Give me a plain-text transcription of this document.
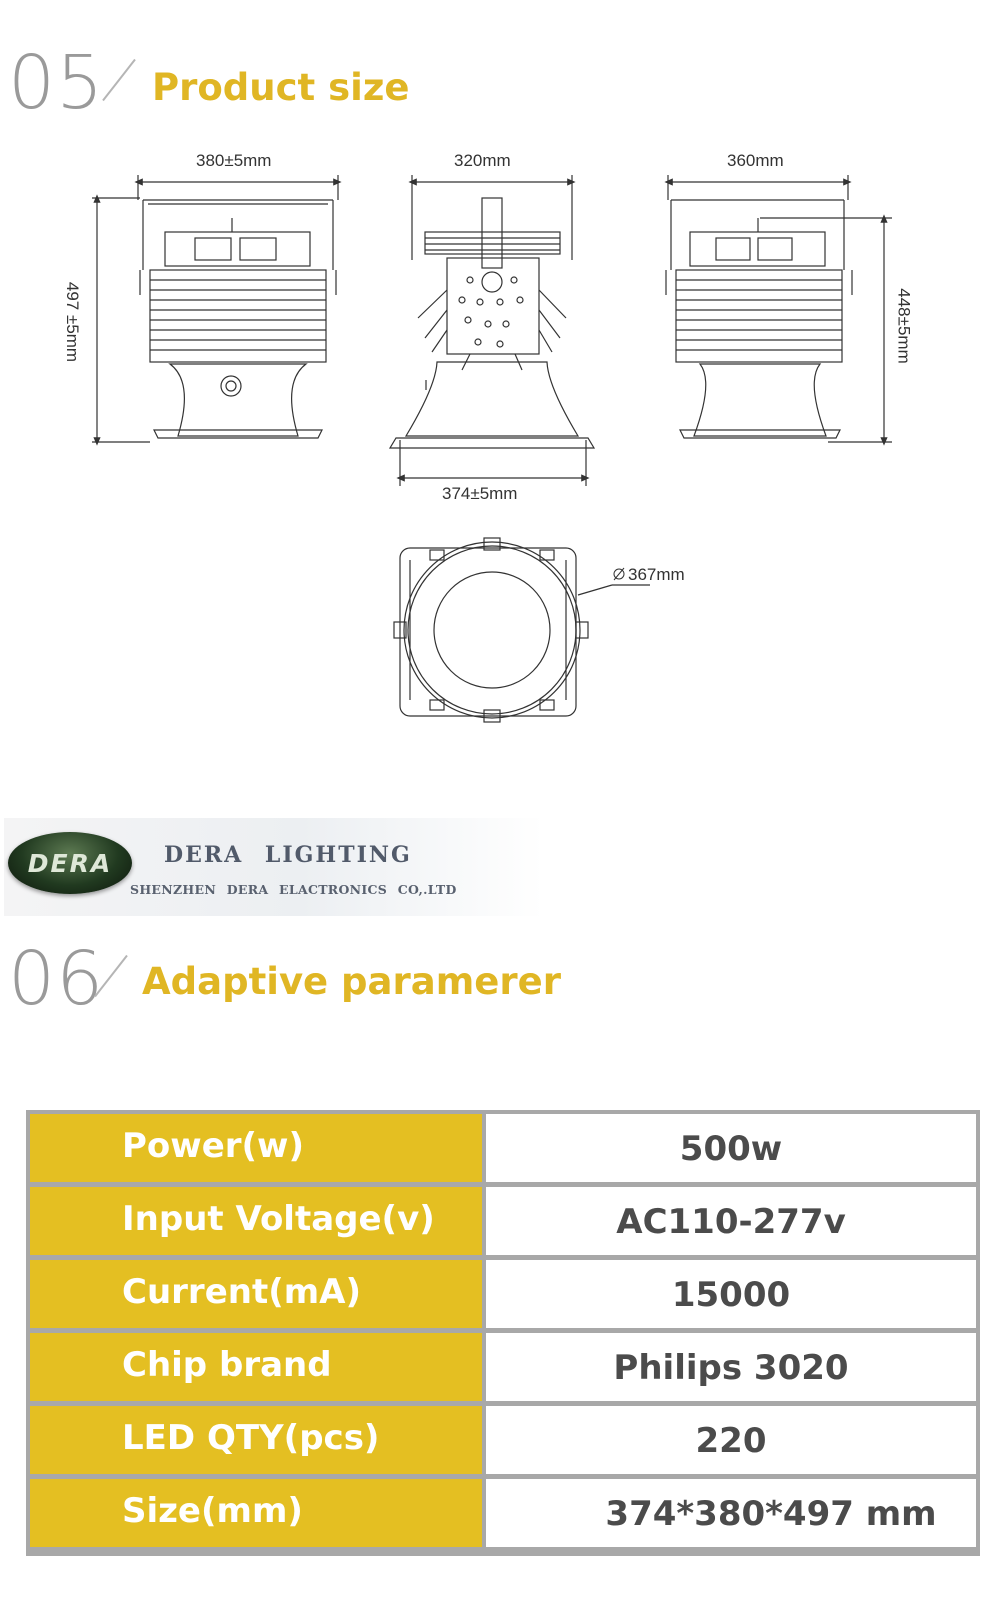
05 Product size
380±5mm	320mm	360mm
497 ±5mm	448±5mm
374±5mm
367mm
DERA	DERA LIGHTING
SHENZHEN DERA ELACTRONICS CO,.LTD
06 Adaptive paramerer
Power(w)	500w
Input Voltage(v)	AC110-277v
Current(mA)	15000
Chip brand	Philips 3020
LED QTY(pcs)	220
Size(mm)	374*380*497 mm
